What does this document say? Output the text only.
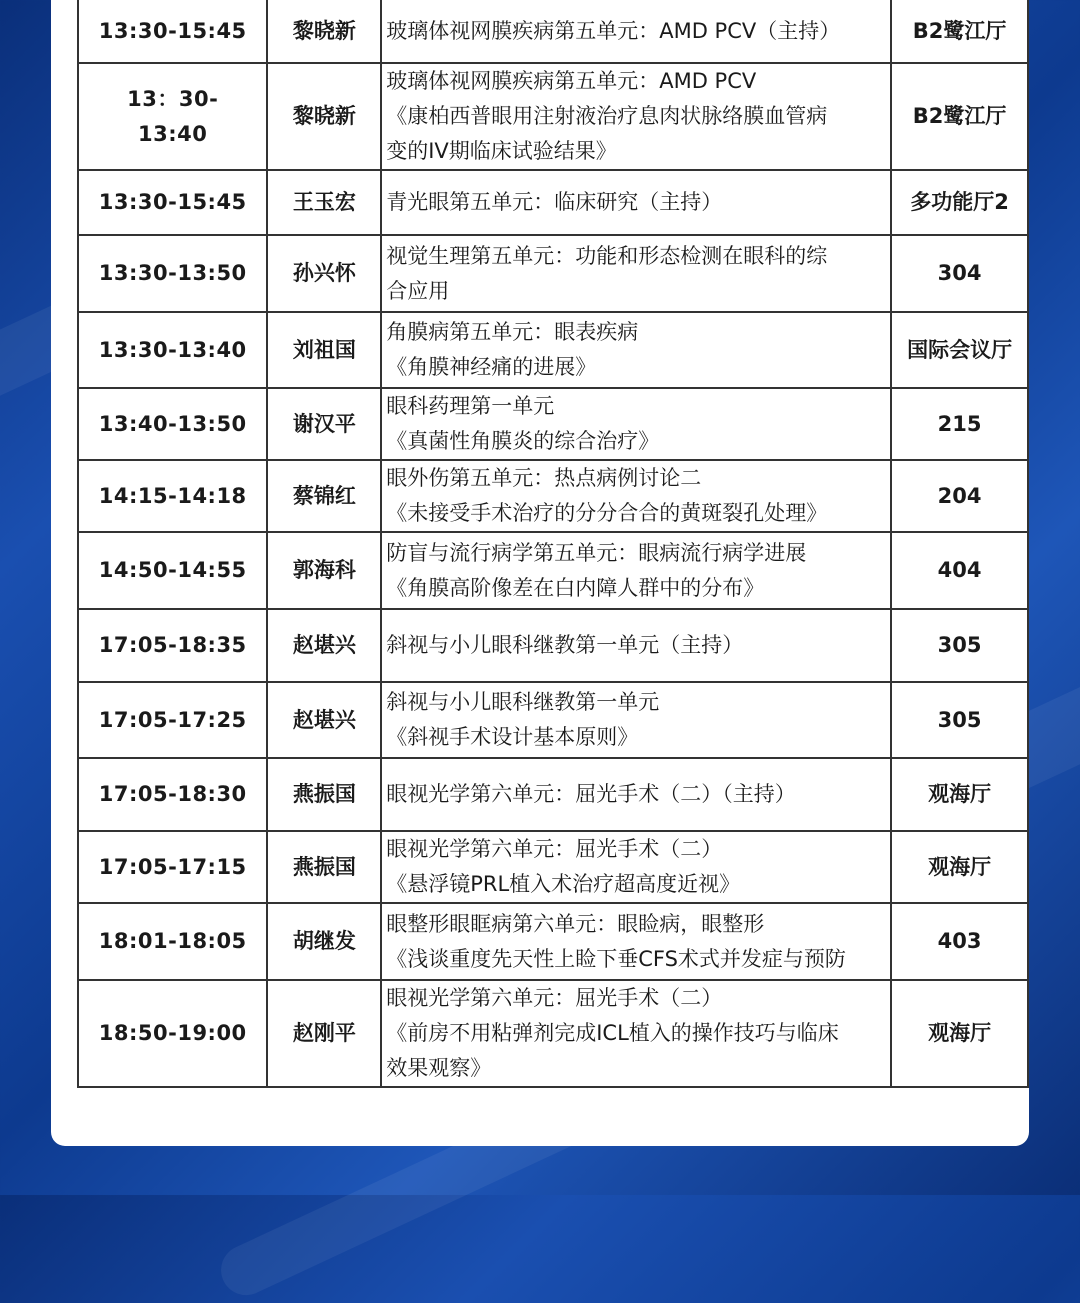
13:30-15:45	黎晓新	玻璃体视网膜疾病第五单元：AMD PCV（主持）	B2鹭江厅
13：30-13:40	黎晓新	玻璃体视网膜疾病第五单元：AMD PCV
《康柏西普眼用注射液治疗息肉状脉络膜血管病
变的IV期临床试验结果》	B2鹭江厅
13:30-15:45	王玉宏	青光眼第五单元：临床研究（主持）	多功能厅2
13:30-13:50	孙兴怀	视觉生理第五单元：功能和形态检测在眼科的综
合应用	304
13:30-13:40	刘祖国	角膜病第五单元：眼表疾病
《角膜神经痛的进展》	国际会议厅
13:40-13:50	谢汉平	眼科药理第一单元
《真菌性角膜炎的综合治疗》	215
14:15-14:18	蔡锦红	眼外伤第五单元：热点病例讨论二
《未接受手术治疗的分分合合的黄斑裂孔处理》	204
14:50-14:55	郭海科	防盲与流行病学第五单元：眼病流行病学进展
《角膜高阶像差在白内障人群中的分布》	404
17:05-18:35	赵堪兴	斜视与小儿眼科继教第一单元（主持）	305
17:05-17:25	赵堪兴	斜视与小儿眼科继教第一单元
《斜视手术设计基本原则》	305
17:05-18:30	燕振国	眼视光学第六单元：屈光手术（二）（主持）	观海厅
17:05-17:15	燕振国	眼视光学第六单元：屈光手术（二）
《悬浮镜PRL植入术治疗超高度近视》	观海厅
18:01-18:05	胡继发	眼整形眼眶病第六单元：眼睑病，眼整形
《浅谈重度先天性上睑下垂CFS术式并发症与预防	403
18:50-19:00	赵刚平	眼视光学第六单元：屈光手术（二）
《前房不用粘弹剂完成ICL植入的操作技巧与临床
效果观察》	观海厅
